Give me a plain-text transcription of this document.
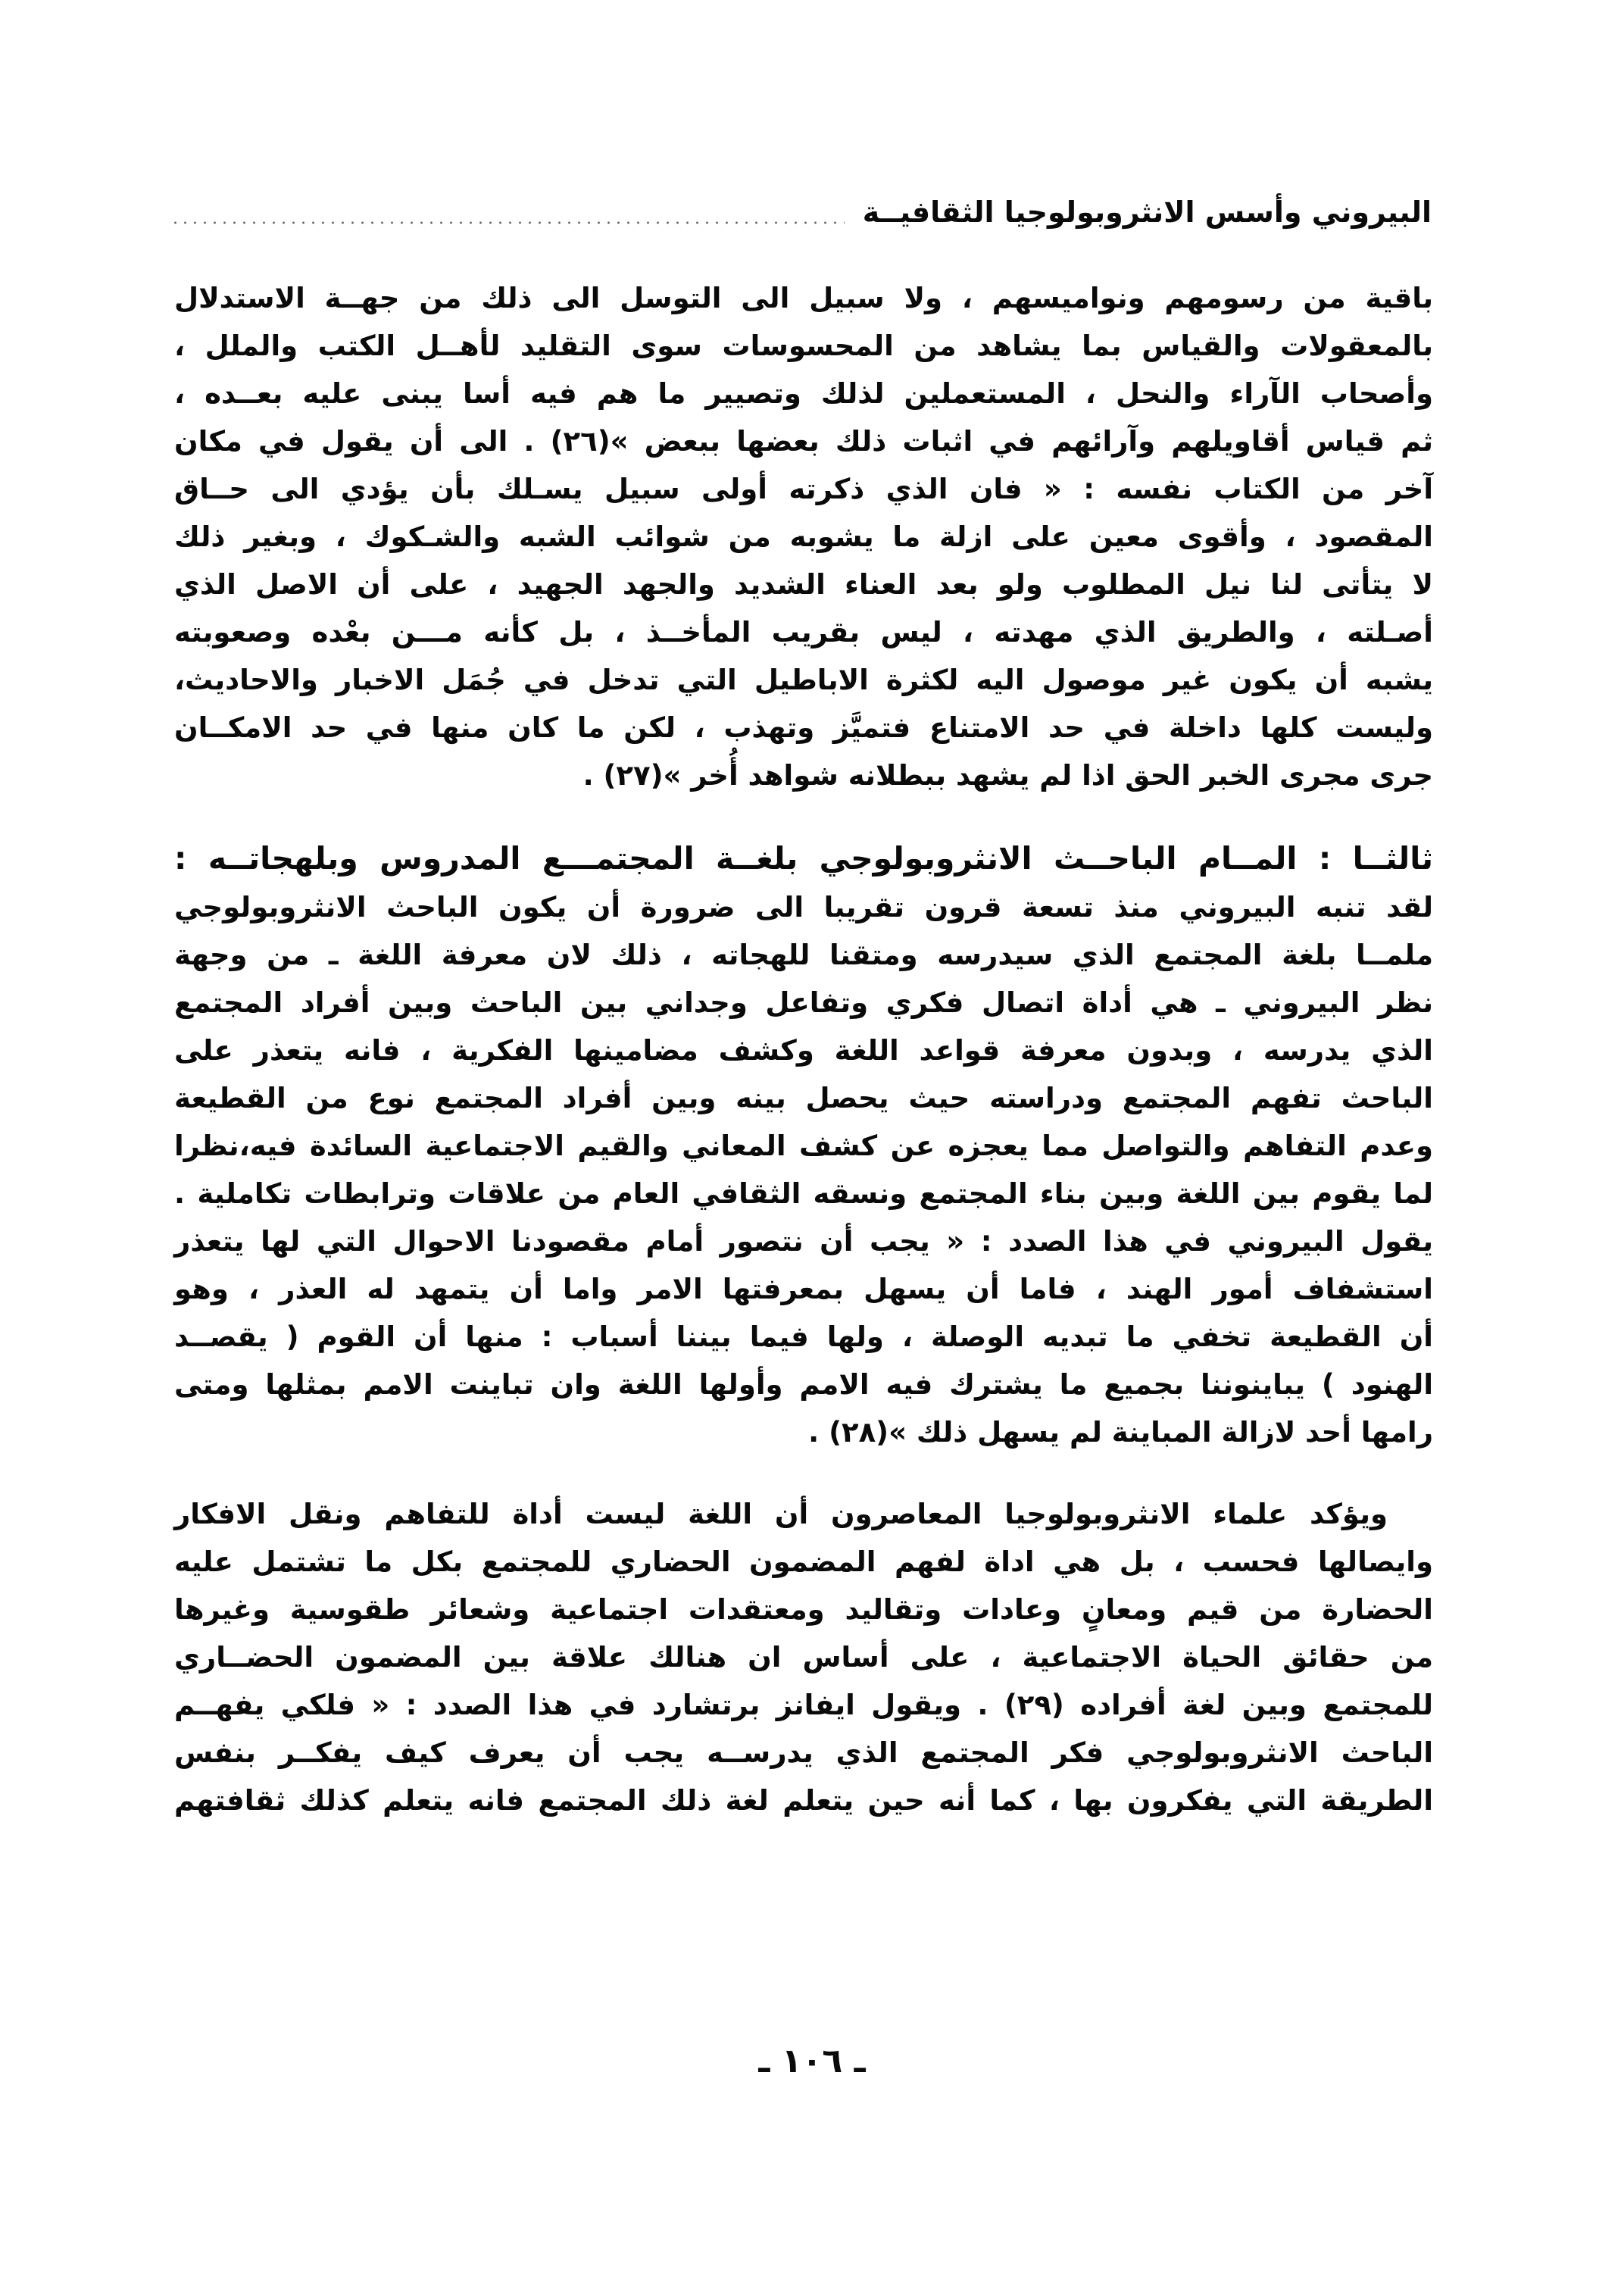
البيروني وأسس الانثروبولوجيا الثقافيــة
باقية من رسومهم ونواميسهم ، ولا سبيل الى التوسل الى ذلك من جهــة الاستدلال
بالمعقولات والقياس بما يشاهد من المحسوسات سوى التقليد لأهــل الكتب والملل ،
وأصحاب الآراء والنحل ، المستعملين لذلك وتصيير ما هم فيه أسا يبنى عليه بعــده ،
ثم قياس أقاويلهم وآرائهم في اثبات ذلك بعضها ببعض »(٢٦) . الى أن يقول في مكان
آخر من الكتاب نفسه : « فان الذي ذكرته أولى سبيل يسـلك بأن يؤدي الى حــاق
المقصود ، وأقوى معين على ازلة ما يشوبه من شوائب الشبه والشـكوك ، وبغير ذلك
لا يتأتى لنا نيل المطلوب ولو بعد العناء الشديد والجهد الجهيد ، على أن الاصل الذي
أصـلته ، والطريق الذي مهدته ، ليس بقريب المأخــذ ، بل كأنه مـــن بعْده وصعوبته
يشبه أن يكون غير موصول اليه لكثرة الاباطيل التي تدخل في جُمَل الاخبار والاحاديث،
وليست كلها داخلة في حد الامتناع فتميَّز وتهذب ، لكن ما كان منها في حد الامكــان
جرى مجرى الخبر الحق اذا لم يشهد ببطلانه شواهد أُخر »(٢٧) .
ثالثــا : المــام الباحــث الانثروبولوجي بلغــة المجتمـــع المدروس وبلهجاتــه :
لقد تنبه البيروني منذ تسعة قرون تقريبا الى ضرورة أن يكون الباحث الانثروبولوجي
ملمــا بلغة المجتمع الذي سيدرسه ومتقنا للهجاته ، ذلك لان معرفة اللغة ـ من وجهة
نظر البيروني ـ هي أداة اتصال فكري وتفاعل وجداني بين الباحث وبين أفراد المجتمع
الذي يدرسه ، وبدون معرفة قواعد اللغة وكشف مضامينها الفكرية ، فانه يتعذر على
الباحث تفهم المجتمع ودراسته حيث يحصل بينه وبين أفراد المجتمع نوع من القطيعة
وعدم التفاهم والتواصل مما يعجزه عن كشف المعاني والقيم الاجتماعية السائدة فيه،نظرا
لما يقوم بين اللغة وبين بناء المجتمع ونسقه الثقافي العام من علاقات وترابطات تكاملية .
يقول البيروني في هذا الصدد : « يجب أن نتصور أمام مقصودنا الاحوال التي لها يتعذر
استشفاف أمور الهند ، فاما أن يسهل بمعرفتها الامر واما أن يتمهد له العذر ، وهو
أن القطيعة تخفي ما تبديه الوصلة ، ولها فيما بيننا أسباب : منها أن القوم ( يقصــد
الهنود ) يباينوننا بجميع ما يشترك فيه الامم وأولها اللغة وان تباينت الامم بمثلها ومتى
رامها أحد لازالة المباينة لم يسهل ذلك »(٢٨) .
ويؤكد علماء الانثروبولوجيا المعاصرون أن اللغة ليست أداة للتفاهم ونقل الافكار
وايصالها فحسب ، بل هي اداة لفهم المضمون الحضاري للمجتمع بكل ما تشتمل عليه
الحضارة من قيم ومعانٍ وعادات وتقاليد ومعتقدات اجتماعية وشعائر طقوسية وغيرها
من حقائق الحياة الاجتماعية ، على أساس ان هنالك علاقة بين المضمون الحضــاري
للمجتمع وبين لغة أفراده (٢٩) . ويقول ايفانز برتشارد في هذا الصدد : « فلكي يفهــم
الباحث الانثروبولوجي فكر المجتمع الذي يدرســه يجب أن يعرف كيف يفكــر بنفس
الطريقة التي يفكرون بها ، كما أنه حين يتعلم لغة ذلك المجتمع فانه يتعلم كذلك ثقافتهم
ـ ١٠٦ ـ
